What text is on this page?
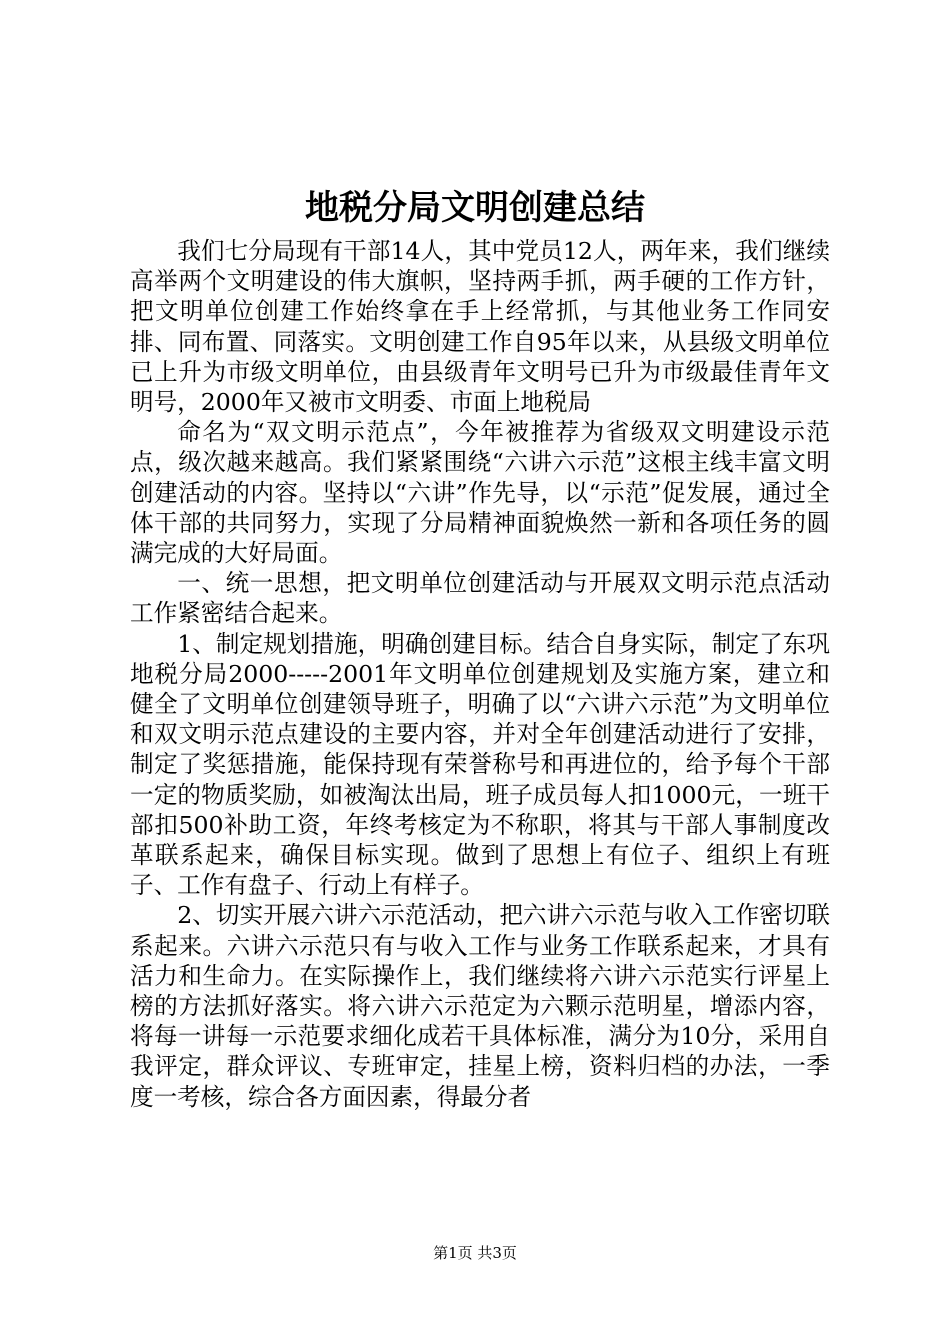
地税分局文明创建总结

我们七分局现有干部14人，其中党员12人，两年来，我们继续高举两个文明建设的伟大旗帜，坚持两手抓，两手硬的工作方针，把文明单位创建工作始终拿在手上经常抓，与其他业务工作同安排、同布置、同落实。文明创建工作自95年以来，从县级文明单位已上升为市级文明单位，由县级青年文明号已升为市级最佳青年文明号，2000年又被市文明委、市面上地税局

命名为“双文明示范点”，今年被推荐为省级双文明建设示范点，级次越来越高。我们紧紧围绕“六讲六示范”这根主线丰富文明创建活动的内容。坚持以“六讲”作先导，以“示范”促发展，通过全体干部的共同努力，实现了分局精神面貌焕然一新和各项任务的圆满完成的大好局面。

一、统一思想，把文明单位创建活动与开展双文明示范点活动工作紧密结合起来。

1、制定规划措施，明确创建目标。结合自身实际，制定了东巩地税分局2000-----2001年文明单位创建规划及实施方案，建立和健全了文明单位创建领导班子，明确了以“六讲六示范”为文明单位和双文明示范点建设的主要内容，并对全年创建活动进行了安排，制定了奖惩措施，能保持现有荣誉称号和再进位的，给予每个干部一定的物质奖励，如被淘汰出局，班子成员每人扣1000元，一班干部扣500补助工资，年终考核定为不称职，将其与干部人事制度改革联系起来，确保目标实现。做到了思想上有位子、组织上有班子、工作有盘子、行动上有样子。

2、切实开展六讲六示范活动，把六讲六示范与收入工作密切联系起来。六讲六示范只有与收入工作与业务工作联系起来，才具有活力和生命力。在实际操作上，我们继续将六讲六示范实行评星上榜的方法抓好落实。将六讲六示范定为六颗示范明星，增添内容，将每一讲每一示范要求细化成若干具体标准，满分为10分，采用自我评定，群众评议、专班审定，挂星上榜，资料归档的办法，一季度一考核，综合各方面因素，得最分者

第1页 共3页
